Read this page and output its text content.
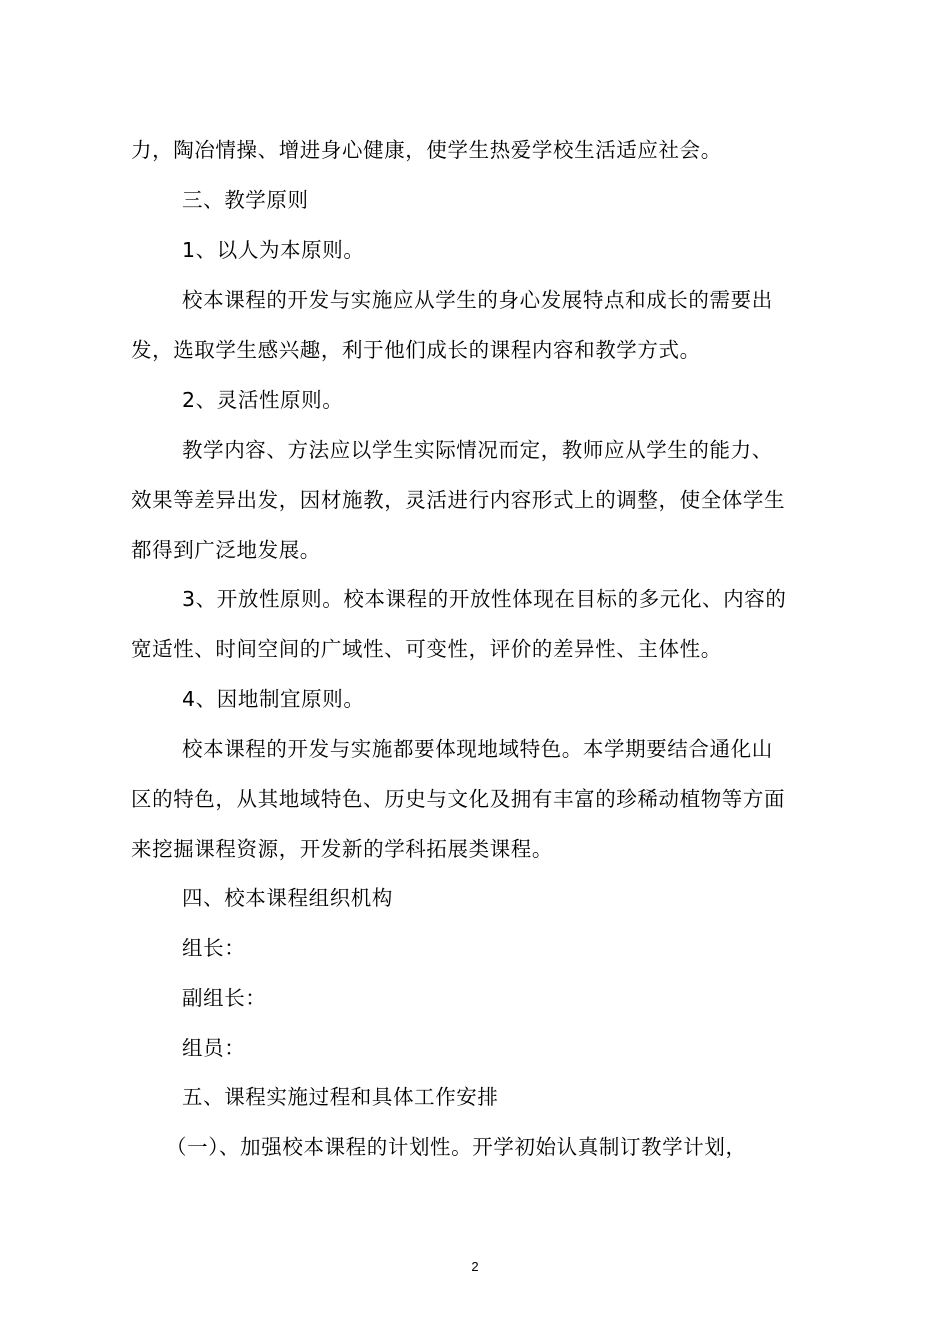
力，陶冶情操、增进身心健康，使学生热爱学校生活适应社会。
三、教学原则
1、以人为本原则。
校本课程的开发与实施应从学生的身心发展特点和成长的需要出
发，选取学生感兴趣，利于他们成长的课程内容和教学方式。
2、灵活性原则。
教学内容、方法应以学生实际情况而定，教师应从学生的能力、
效果等差异出发，因材施教，灵活进行内容形式上的调整，使全体学生
都得到广泛地发展。
3、开放性原则。校本课程的开放性体现在目标的多元化、内容的
宽适性、时间空间的广域性、可变性，评价的差异性、主体性。
4、因地制宜原则。
校本课程的开发与实施都要体现地域特色。本学期要结合通化山
区的特色，从其地域特色、历史与文化及拥有丰富的珍稀动植物等方面
来挖掘课程资源，开发新的学科拓展类课程。
四、校本课程组织机构
组长：
副组长：
组员：
五、课程实施过程和具体工作安排
（一）、加强校本课程的计划性。开学初始认真制订教学计划，
2
